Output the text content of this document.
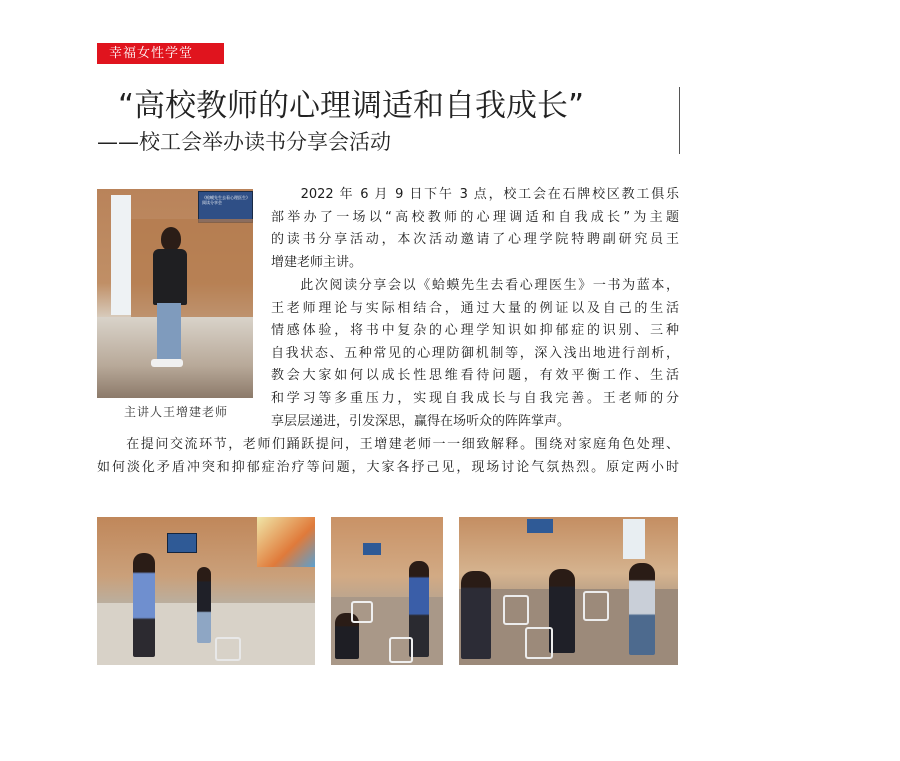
幸福女性学堂
“高校教师的心理调适和自我成长”
——校工会举办读书分享会活动
《蛤蟆先生去看心理医生》阅读分享会
主讲人王增建老师
　　2022 年 6 月 9 日下午 3 点，校工会在石牌校区教工俱乐
部举办了一场以“高校教师的心理调适和自我成长”为主题
的读书分享活动，本次活动邀请了心理学院特聘副研究员王
增建老师主讲。
　　此次阅读分享会以《蛤蟆先生去看心理医生》一书为蓝本，
王老师理论与实际相结合，通过大量的例证以及自己的生活
情感体验，将书中复杂的心理学知识如抑郁症的识别、三种
自我状态、五种常见的心理防御机制等，深入浅出地进行剖析，
教会大家如何以成长性思维看待问题，有效平衡工作、生活
和学习等多重压力，实现自我成长与自我完善。王老师的分
享层层递进，引发深思，赢得在场听众的阵阵掌声。
　　在提问交流环节，老师们踊跃提问，王增建老师一一细致解释。围绕对家庭角色处理、
如何淡化矛盾冲突和抑郁症治疗等问题，大家各抒己见，现场讨论气氛热烈。原定两小时
